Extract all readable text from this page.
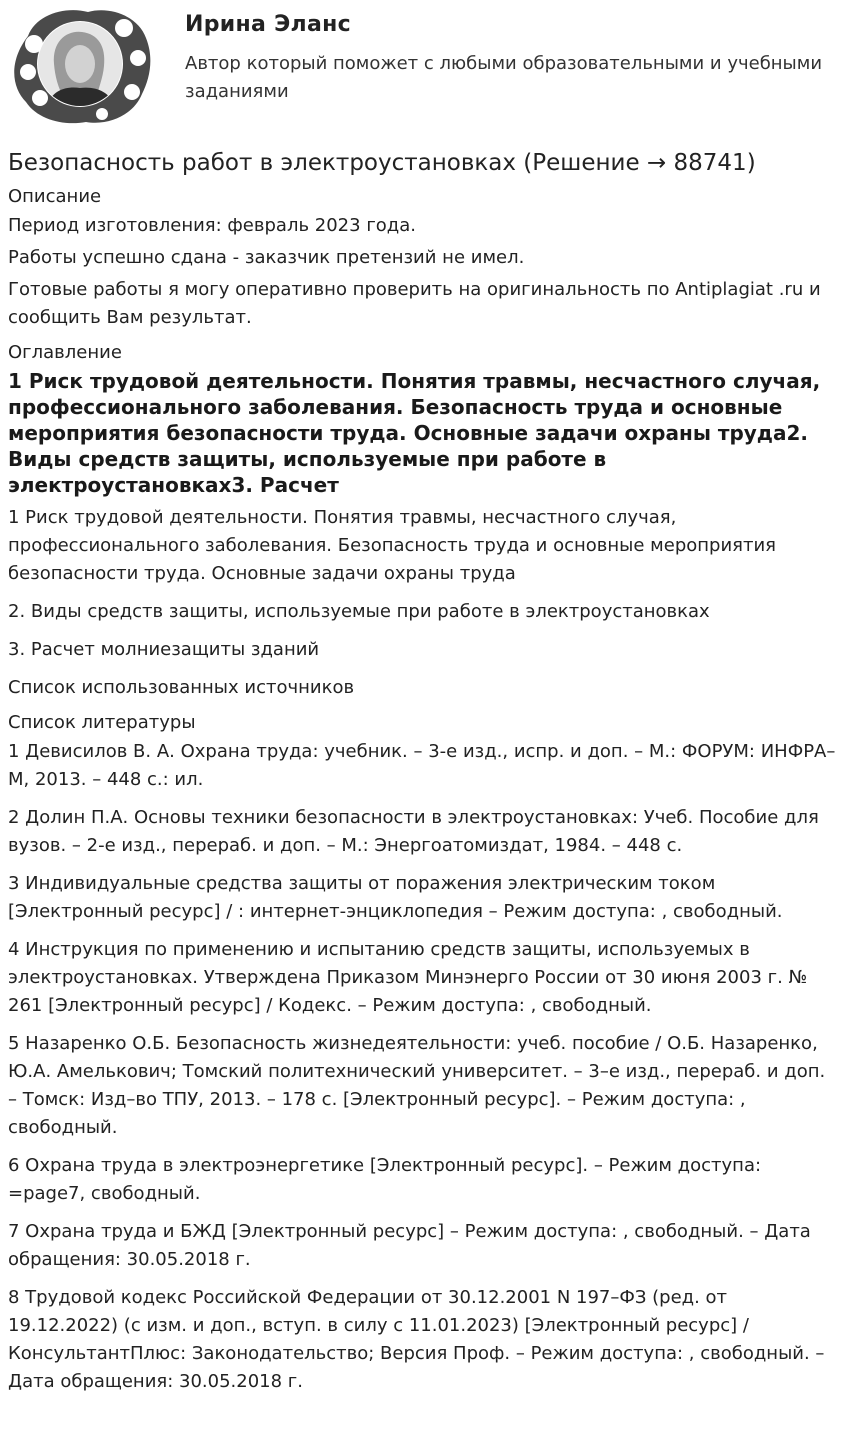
Ирина Эланс
Автор который поможет с любыми образовательными и учебными заданиями
Безопасность работ в электроустановках (Решение → 88741)
Описание

Период изготовления: февраль 2023 года.

Работы успешно сдана - заказчик претензий не имел.

Готовые работы я могу оперативно проверить на оригинальность по Antiplagiat .ru и сообщить Вам результат.

Оглавление
1 Риск трудовой деятельности. Понятия травмы, несчастного случая, профессионального заболевания. Безопасность труда и основные мероприятия безопасности труда. Основные задачи охраны труда2. Виды средств защиты, используемые при работе в электроустановках3. Расчет

1 Риск трудовой деятельности. Понятия травмы, несчастного случая, профессионального заболевания. Безопасность труда и основные мероприятия безопасности труда. Основные задачи охраны труда

2. Виды средств защиты, используемые при работе в электроустановках

3. Расчет молниезащиты зданий

Список использованных источников

Список литературы

1 Девисилов В. А. Охрана труда: учебник. – 3-е изд., испр. и доп. – М.: ФОРУМ: ИНФРА–М, 2013. – 448 с.: ил.

2 Долин П.А. Основы техники безопасности в электроустановках: Учеб. Пособие для вузов. – 2-е изд., перераб. и доп. – М.: Энергоатомиздат, 1984. – 448 с.

3 Индивидуальные средства защиты от поражения электрическим током [Электронный ресурс] / : интернет-энциклопедия – Режим доступа: , свободный.

4 Инструкция по применению и испытанию средств защиты, используемых в электроустановках. Утверждена Приказом Минэнерго России от 30 июня 2003 г. № 261 [Электронный ресурс] / Кодекс. – Режим доступа: , свободный.

5 Назаренко О.Б. Безопасность жизнедеятельности: учеб. пособие / О.Б. Назаренко, Ю.А. Амелькович; Томский политехнический университет. – 3–е изд., перераб. и доп. – Томск: Изд–во ТПУ, 2013. – 178 с. [Электронный ресурс]. – Режим доступа: , свободный.

6 Охрана труда в электроэнергетике [Электронный ресурс]. – Режим доступа: =page7, свободный.

7 Охрана труда и БЖД [Электронный ресурс] – Режим доступа: , свободный. – Дата обращения: 30.05.2018 г.

8 Трудовой кодекс Российской Федерации от 30.12.2001 N 197–ФЗ (ред. от 19.12.2022) (с изм. и доп., вступ. в силу с 11.01.2023) [Электронный ресурс] / КонсультантПлюс: Законодательство; Версия Проф. – Режим доступа: , свободный. – Дата обращения: 30.05.2018 г.
